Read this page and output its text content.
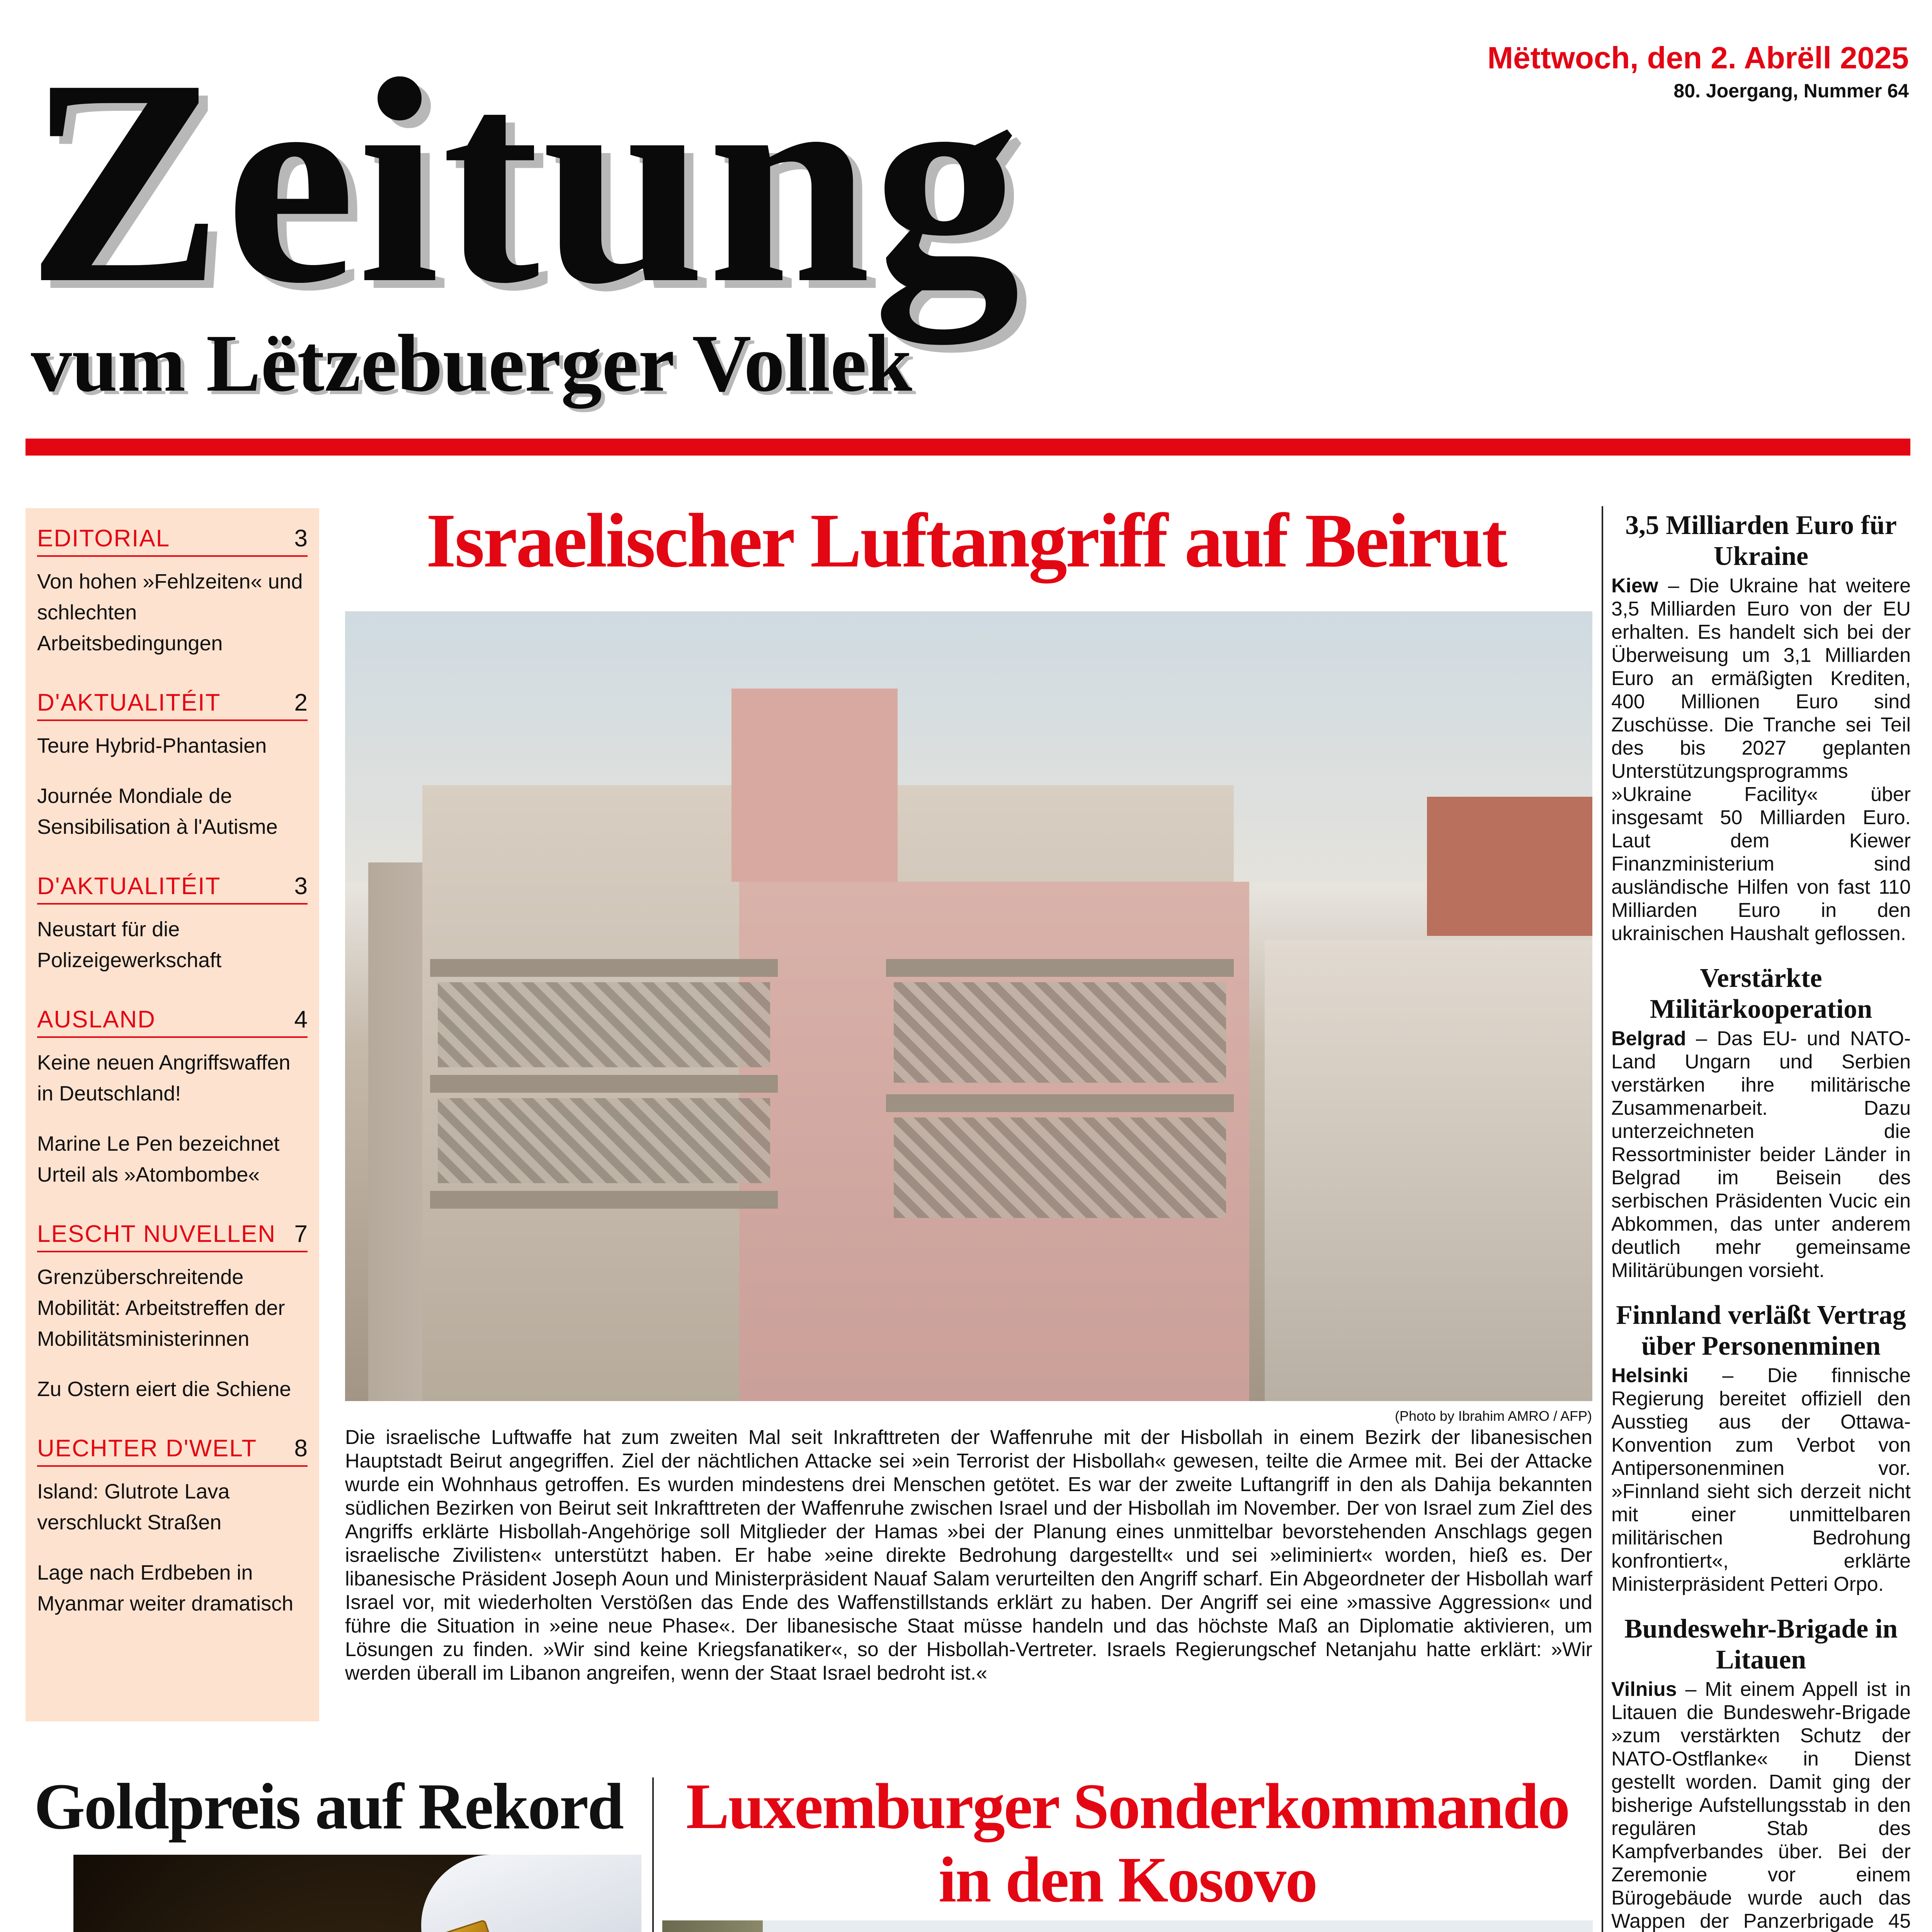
Zeitung
vum Lëtzebuerger Vollek
Mëttwoch, den 2. Abrëll 2025
80. Joergang, Nummer 64
EDITORIAL	3
Von hohen »Fehlzeiten« und schlechten Arbeitsbedingungen
D'AKTUALITÉIT	2
Teure Hybrid-Phantasien
Journée Mondiale de Sensibilisation à l'Autisme
D'AKTUALITÉIT	3
Neustart für die Polizeigewerkschaft
AUSLAND	4
Keine neuen Angriffswaffen in Deutschland!
Marine Le Pen bezeichnet Urteil als »Atombombe«
LESCHT NUVELLEN 7
Grenzüberschreitende Mobilität: Arbeitstreffen der Mobilitätsministerinnen
Zu Ostern eiert die Schiene
UECHTER D'WELT 8
Island: Glutrote Lava verschluckt Straßen
Lage nach Erdbeben in Myanmar weiter dramatisch
Israelischer Luftangriff auf Beirut
(Photo by Ibrahim AMRO / AFP)
Die israelische Luftwaffe hat zum zweiten Mal seit Inkrafttreten der Waffenruhe mit der Hisbollah in einem Bezirk der libanesischen Hauptstadt Beirut angegriffen. Ziel der nächtlichen Attacke sei »ein Terrorist der Hisbollah« gewesen, teilte die Armee mit. Bei der Attacke wurde ein Wohnhaus getroffen. Es wurden mindestens drei Menschen getötet. Es war der zweite Luftangriff in den als Dahija bekannten südlichen Bezirken von Beirut seit Inkrafttreten der Waffenruhe zwischen Israel und der Hisbollah im November. Der von Israel zum Ziel des Angriffs erklärte Hisbollah-Angehörige soll Mitglieder der Hamas »bei der Planung eines unmittelbar bevorstehenden Anschlags gegen israelische Zivilisten« unterstützt haben. Er habe »eine direkte Bedrohung dargestellt« und sei »eliminiert« worden, hieß es. Der libanesische Präsident Joseph Aoun und Ministerpräsident Nauaf Salam verurteilten den Angriff scharf. Ein Abgeordneter der Hisbollah warf Israel vor, mit wiederholten Verstößen das Ende des Waffenstillstands erklärt zu haben. Der Angriff sei eine »massive Aggression« und führe die Situation in »eine neue Phase«. Der libanesische Staat müsse handeln und das höchste Maß an Diplomatie aktivieren, um Lösungen zu finden. »Wir sind keine Kriegsfanatiker«, so der Hisbollah-Vertreter. Israels Regierungschef Netanjahu hatte erklärt: »Wir werden überall im Libanon angreifen, wenn der Staat Israel bedroht ist.«
Goldpreis auf Rekord Luxemburger Sonderkommando
in den Kosovo
3,5 Milliarden Euro für Ukraine
Kiew – Die Ukraine hat weitere 3,5 Milliarden Euro von der EU erhalten. Es handelt sich bei der Überweisung um 3,1 Milliarden Euro an ermäßigten Krediten, 400 Millionen Euro sind Zuschüsse. Die Tranche sei Teil des bis 2027 geplanten Unterstützungsprogramms »Ukraine Facility« über insgesamt 50 Milliarden Euro. Laut dem Kiewer Finanzministerium sind ausländische Hilfen von fast 110 Milliarden Euro in den ukrainischen Haushalt geflossen.
Verstärkte Militärkooperation
Belgrad – Das EU- und NATO-Land Ungarn und Serbien verstärken ihre militärische Zusammenarbeit. Dazu unterzeichneten die Ressortminister beider Länder in Belgrad im Beisein des serbischen Präsidenten Vucic ein Abkommen, das unter anderem deutlich mehr gemeinsame Militärübungen vorsieht.
Finnland verläßt Vertrag über Personenminen
Helsinki – Die finnische Regierung bereitet offiziell den Ausstieg aus der Ottawa-Konvention zum Verbot von Antipersonenminen vor. »Finnland sieht sich derzeit nicht mit einer unmittelbaren militärischen Bedrohung konfrontiert«, erklärte Ministerpräsident Petteri Orpo.
Bundeswehr-Brigade in Litauen
Vilnius – Mit einem Appell ist in Litauen die Bundeswehr-Brigade »zum verstärkten Schutz der NATO-Ostflanke« in Dienst gestellt worden. Damit ging der bisherige Aufstellungsstab in den regulären Stab des Kampfverbandes über. Bei der Zeremonie vor einem Bürogebäude wurde auch das Wappen der Panzerbrigade 45
